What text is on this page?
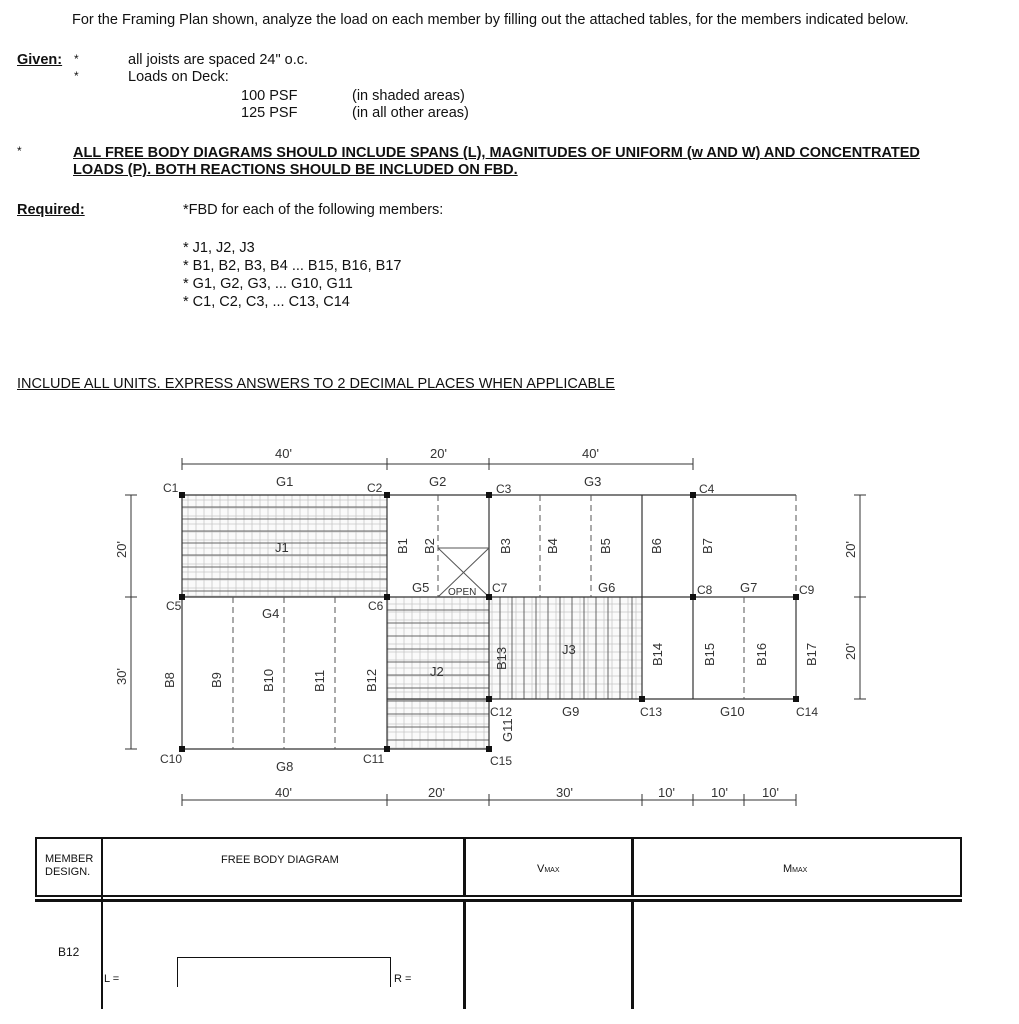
For the Framing Plan shown, analyze the load on each member by filling out the attached tables, for the members indicated below.
Given: *
*
all joists are spaced 24" o.c.
Loads on Deck:
100 PSF	(in shaded areas)
125 PSF	(in all other areas)
*	ALL FREE BODY DIAGRAMS SHOULD INCLUDE SPANS (L), MAGNITUDES OF UNIFORM (w AND W) AND CONCENTRATED
LOADS (P). BOTH REACTIONS SHOULD BE INCLUDED ON FBD.
Required:	*FBD for each of the following members:
* J1, J2, J3
* B1, B2, B3, B4 ... B15, B16, B17
* G1, G2, G3, ... G10, G11
* C1, C2, C3, ... C13, C14
INCLUDE ALL UNITS. EXPRESS ANSWERS TO 2 DECIMAL PLACES WHEN APPLICABLE
OPEN
40'	20'	40'
40'	20'	30'	10'	10'	10'
20'
30'
20'
20'
C1	C2	C3	C4
C5	C6
C7	C8	C9
C10	C11
C12	C13	C14
C15
G1	G2	G3
G4
G5	G6	G7
G8
G9	G10
G11
B1 B2	B3 B4	B5	B6	B7
B8 B9	B10	B11	B12
B13	B14	B15	B16	B17
J1
J2
J3
MEMBER
DESIGN.
FREE BODY DIAGRAM
VMAX	MMAX
B12
L =	R =
